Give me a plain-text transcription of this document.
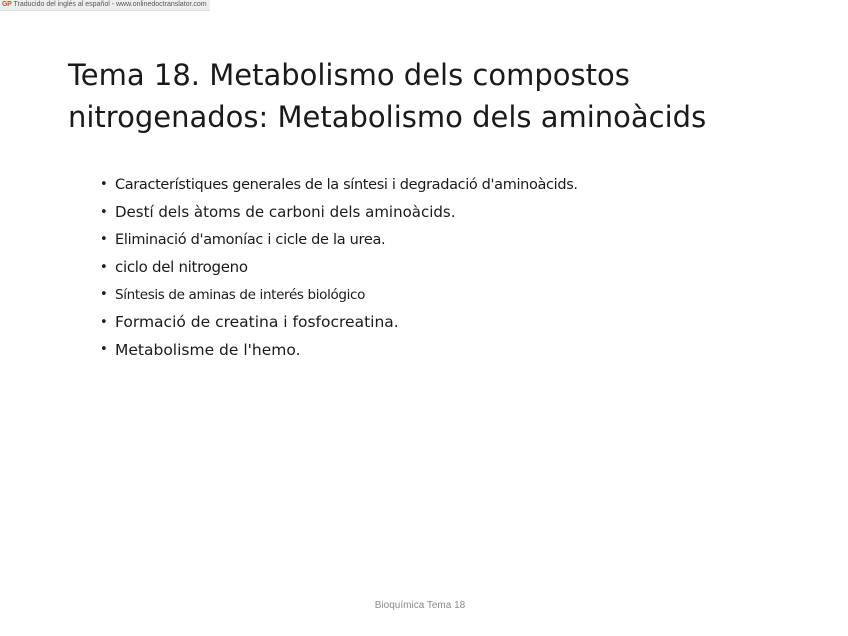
GP Traducido del inglés al español - www.onlinedoctranslator.com
Tema 18. Metabolismo dels compostos nitrogenados: Metabolismo dels aminoàcids
• Característiques generales de la síntesi i degradació d'aminoàcids.
• Destí dels àtoms de carboni dels aminoàcids.
• Eliminació d'amoníac i cicle de la urea.
• ciclo del nitrogeno
• Síntesis de aminas de interés biológico
• Formació de creatina i fosfocreatina.
• Metabolisme de l'hemo.
Bioquímica Tema 18
